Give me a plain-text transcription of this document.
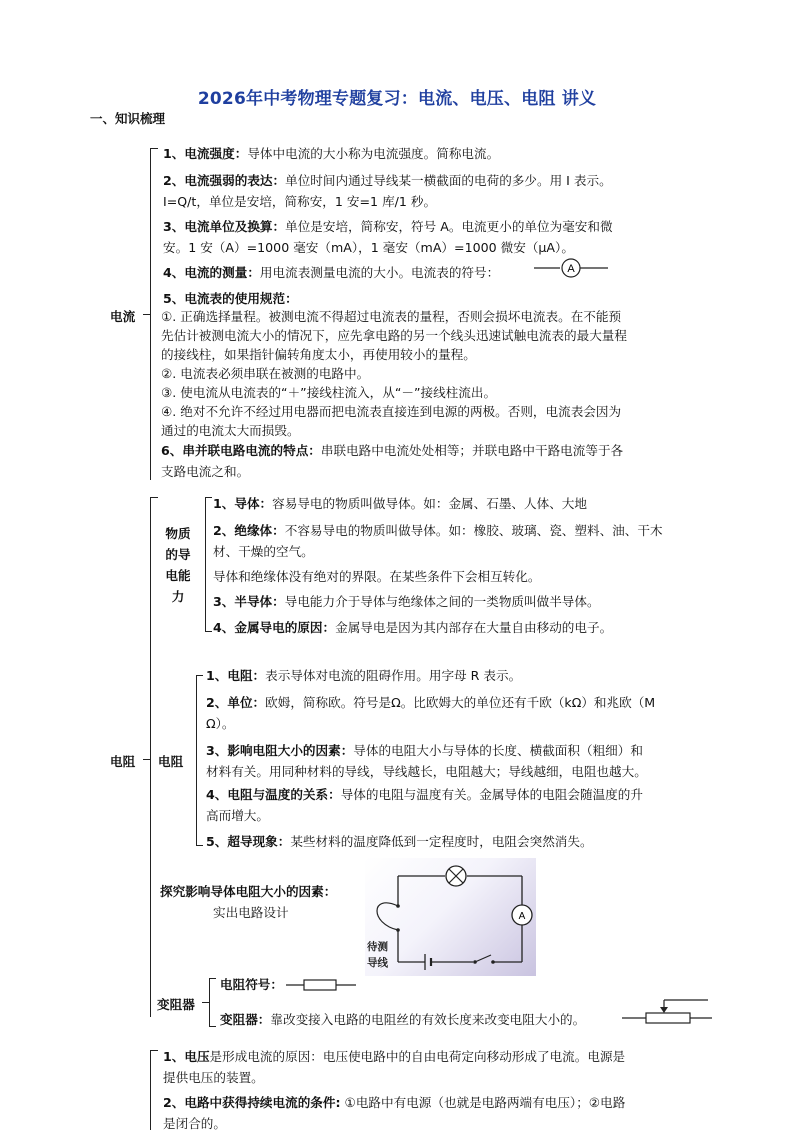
2026年中考物理专题复习：电流、电压、电阻 讲义
一、知识梳理
电流
1、电流强度：导体中电流的大小称为电流强度。简称电流。
2、电流强弱的表达：单位时间内通过导线某一横截面的电荷的多少。用 I 表示。
I=Q/t，单位是安培，简称安，1 安=1 库/1 秒。
3、电流单位及换算：单位是安培，简称安，符号 A。电流更小的单位为毫安和微
安。1 安（A）=1000 毫安（mA），1 毫安（mA）=1000 微安（μA）。
4、电流的测量：用电流表测量电流的大小。电流表的符号：	A
5、电流表的使用规范：
①. 正确选择量程。被测电流不得超过电流表的量程，否则会损坏电流表。在不能预
先估计被测电流大小的情况下，应先拿电路的另一个线头迅速试触电流表的最大量程
的接线柱，如果指针偏转角度太小，再使用较小的量程。
②. 电流表必须串联在被测的电路中。
③. 使电流从电流表的“＋”接线柱流入，从“－”接线柱流出。
④. 绝对不允许不经过用电器而把电流表直接连到电源的两极。否则，电流表会因为
通过的电流太大而损毁。
6、串并联电路电流的特点：串联电路中电流处处相等；并联电路中干路电流等于各
支路电流之和。
电阻
物质
的导
电能
力
1、导体：容易导电的物质叫做导体。如：金属、石墨、人体、大地
2、绝缘体：不容易导电的物质叫做导体。如：橡胶、玻璃、瓷、塑料、油、干木
材、干燥的空气。
导体和绝缘体没有绝对的界限。在某些条件下会相互转化。
3、半导体：导电能力介于导体与绝缘体之间的一类物质叫做半导体。
4、金属导电的原因：金属导电是因为其内部存在大量自由移动的电子。
电阻
1、电阻：表示导体对电流的阻碍作用。用字母 R 表示。
2、单位：欧姆，简称欧。符号是Ω。比欧姆大的单位还有千欧（kΩ）和兆欧（M
Ω）。
3、影响电阻大小的因素：导体的电阻大小与导体的长度、横截面积（粗细）和
材料有关。用同种材料的导线，导线越长，电阻越大；导线越细，电阻也越大。
4、电阻与温度的关系：导体的电阻与温度有关。金属导体的电阻会随温度的升
高而增大。
5、超导现象：某些材料的温度降低到一定程度时，电阻会突然消失。
探究影响导体电阻大小的因素：
实出电路设计	A
待测
导线
变阻器
电阻符号：
变阻器：靠改变接入电路的电阻丝的有效长度来改变电阻大小的。
1、电压是形成电流的原因：电压使电路中的自由电荷定向移动形成了电流。电源是
提供电压的装置。
2、电路中获得持续电流的条件: ①电路中有电源（也就是电路两端有电压）；②电路
是闭合的。
